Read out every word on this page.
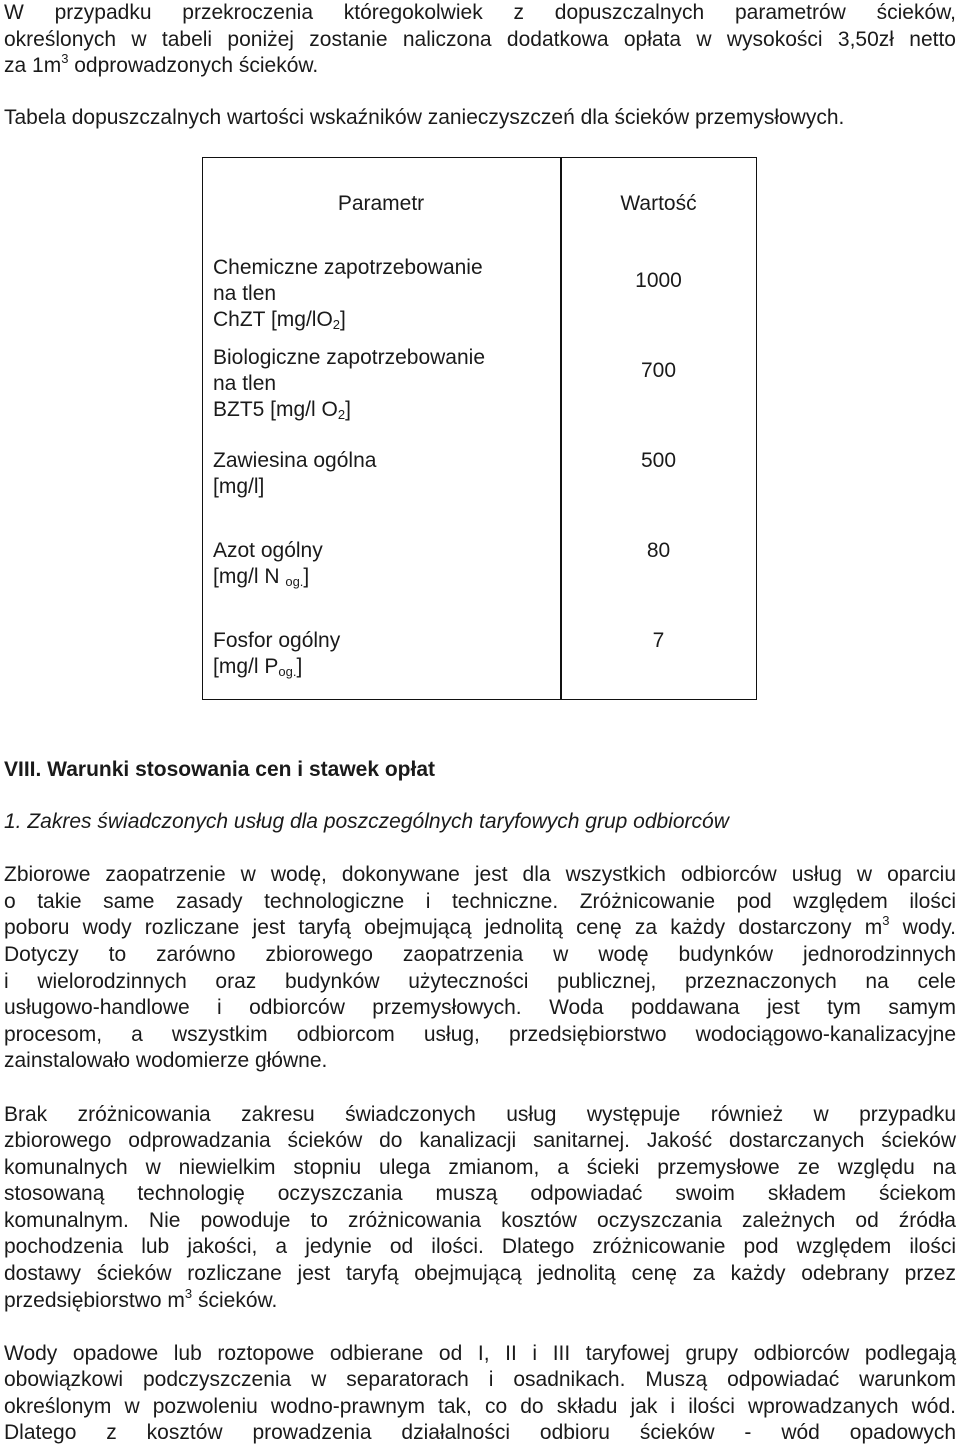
W przypadku przekroczenia któregokolwiek z dopuszczalnych parametrów ścieków,
określonych w tabeli poniżej zostanie naliczona dodatkowa opłata w wysokości 3,50zł netto
za $1m^3$ odprowadzonych ścieków.
Tabela dopuszczalnych wartości wskaźników zanieczyszczeń dla ścieków przemysłowych.
Parametr	Wartość
Chemiczne zapotrzebowanie
na tlen
ChZT $[mg/lO_2]$
1000
Biologiczne zapotrzebowanie
na tlen
BZT5 [mg/l $O_2$]
700
Zawiesina ogólna
[mg/l]
500
Azot ogólny
[mg/l N $_{og.}$]
80
Fosfor ogólny
[mg/l $P_{og.}$]
7
VIII. Warunki stosowania cen i stawek opłat
1. Zakres świadczonych usług dla poszczególnych taryfowych grup odbiorców
Zbiorowe zaopatrzenie w wodę, dokonywane jest dla wszystkich odbiorców usług w oparciu
o takie same zasady technologiczne i techniczne. Zróżnicowanie pod względem ilości
poboru wody rozliczane jest taryfą obejmującą jednolitą cenę za każdy dostarczony $m^3$ wody.
Dotyczy to zarówno zbiorowego zaopatrzenia w wodę budynków jednorodzinnych
i wielorodzinnych oraz budynków użyteczności publicznej, przeznaczonych na cele
usługowo-handlowe i odbiorców przemysłowych. Woda poddawana jest tym samym
procesom, a wszystkim odbiorcom usług, przedsiębiorstwo wodociągowo-kanalizacyjne
zainstalowało wodomierze główne.
Brak zróżnicowania zakresu świadczonych usług występuje również w przypadku
zbiorowego odprowadzania ścieków do kanalizacji sanitarnej. Jakość dostarczanych ścieków
komunalnych w niewielkim stopniu ulega zmianom, a ścieki przemysłowe ze względu na
stosowaną technologię oczyszczania muszą odpowiadać swoim składem ściekom
komunalnym. Nie powoduje to zróżnicowania kosztów oczyszczania zależnych od źródła
pochodzenia lub jakości, a jedynie od ilości. Dlatego zróżnicowanie pod względem ilości
dostawy ścieków rozliczane jest taryfą obejmującą jednolitą cenę za każdy odebrany przez
przedsiębiorstwo $m^3$ ścieków.
Wody opadowe lub roztopowe odbierane od I, II i III taryfowej grupy odbiorców podlegają
obowiązkowi podczyszczenia w separatorach i osadnikach. Muszą odpowiadać warunkom
określonym w pozwoleniu wodno-prawnym tak, co do składu jak i ilości wprowadzanych wód.
Dlatego z kosztów prowadzenia działalności odbioru ścieków - wód opadowych
